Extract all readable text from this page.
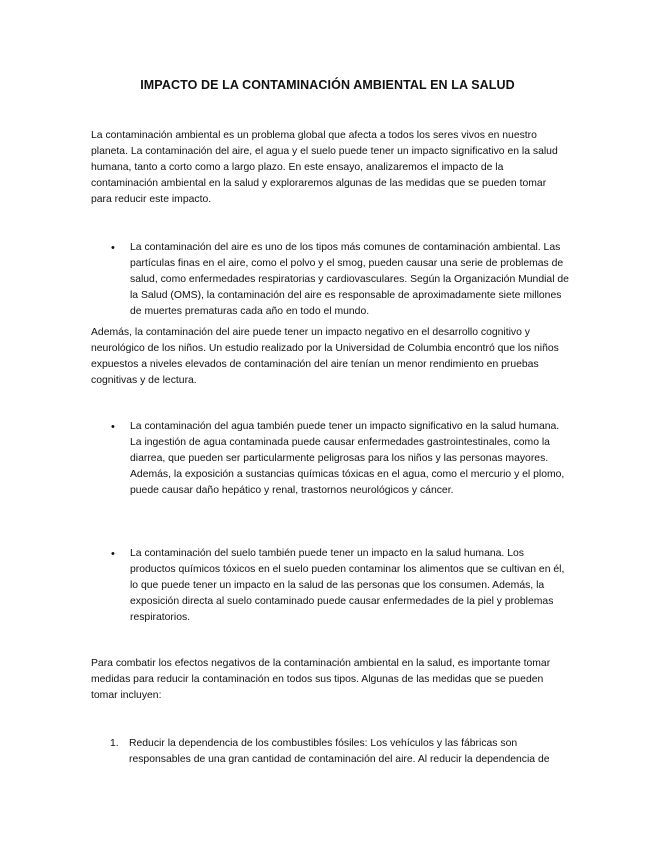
IMPACTO DE LA CONTAMINACIÓN AMBIENTAL EN LA SALUD

La contaminación ambiental es un problema global que afecta a todos los seres vivos en nuestro planeta. La contaminación del aire, el agua y el suelo puede tener un impacto significativo en la salud humana, tanto a corto como a largo plazo. En este ensayo, analizaremos el impacto de la contaminación ambiental en la salud y exploraremos algunas de las medidas que se pueden tomar para reducir este impacto.

• La contaminación del aire es uno de los tipos más comunes de contaminación ambiental. Las partículas finas en el aire, como el polvo y el smog, pueden causar una serie de problemas de salud, como enfermedades respiratorias y cardiovasculares. Según la Organización Mundial de la Salud (OMS), la contaminación del aire es responsable de aproximadamente siete millones de muertes prematuras cada año en todo el mundo.

Además, la contaminación del aire puede tener un impacto negativo en el desarrollo cognitivo y neurológico de los niños. Un estudio realizado por la Universidad de Columbia encontró que los niños expuestos a niveles elevados de contaminación del aire tenían un menor rendimiento en pruebas cognitivas y de lectura.

• La contaminación del agua también puede tener un impacto significativo en la salud humana. La ingestión de agua contaminada puede causar enfermedades gastrointestinales, como la diarrea, que pueden ser particularmente peligrosas para los niños y las personas mayores. Además, la exposición a sustancias químicas tóxicas en el agua, como el mercurio y el plomo, puede causar daño hepático y renal, trastornos neurológicos y cáncer.
• La contaminación del suelo también puede tener un impacto en la salud humana. Los productos químicos tóxicos en el suelo pueden contaminar los alimentos que se cultivan en él, lo que puede tener un impacto en la salud de las personas que los consumen. Además, la exposición directa al suelo contaminado puede causar enfermedades de la piel y problemas respiratorios.

Para combatir los efectos negativos de la contaminación ambiental en la salud, es importante tomar medidas para reducir la contaminación en todos sus tipos. Algunas de las medidas que se pueden tomar incluyen:

1. Reducir la dependencia de los combustibles fósiles: Los vehículos y las fábricas son responsables de una gran cantidad de contaminación del aire. Al reducir la dependencia de
